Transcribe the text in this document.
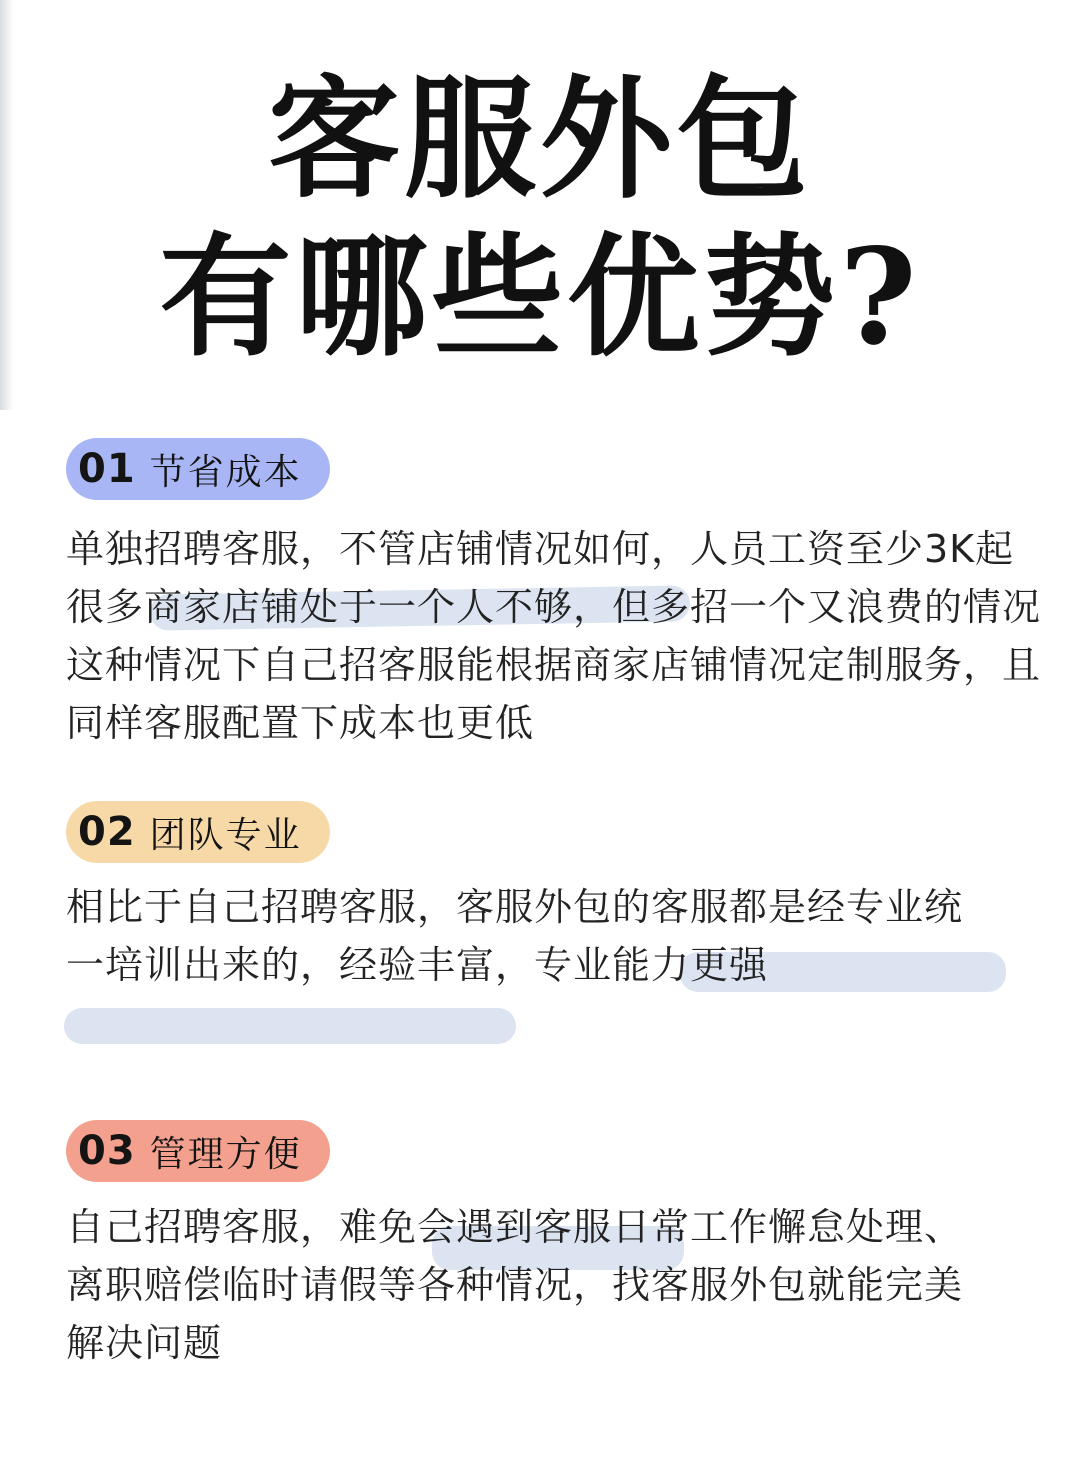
客服外包
有哪些优势?
01 节省成本
单独招聘客服，不管店铺情况如何，人员工资至少3K起
很多商家店铺处于一个人不够，但多招一个又浪费的情况
这种情况下自己招客服能根据商家店铺情况定制服务，且
同样客服配置下成本也更低
02 团队专业
相比于自己招聘客服，客服外包的客服都是经专业统
一培训出来的，经验丰富，专业能力更强
03 管理方便
自己招聘客服，难免会遇到客服日常工作懈怠处理、
离职赔偿临时请假等各种情况，找客服外包就能完美
解决问题
